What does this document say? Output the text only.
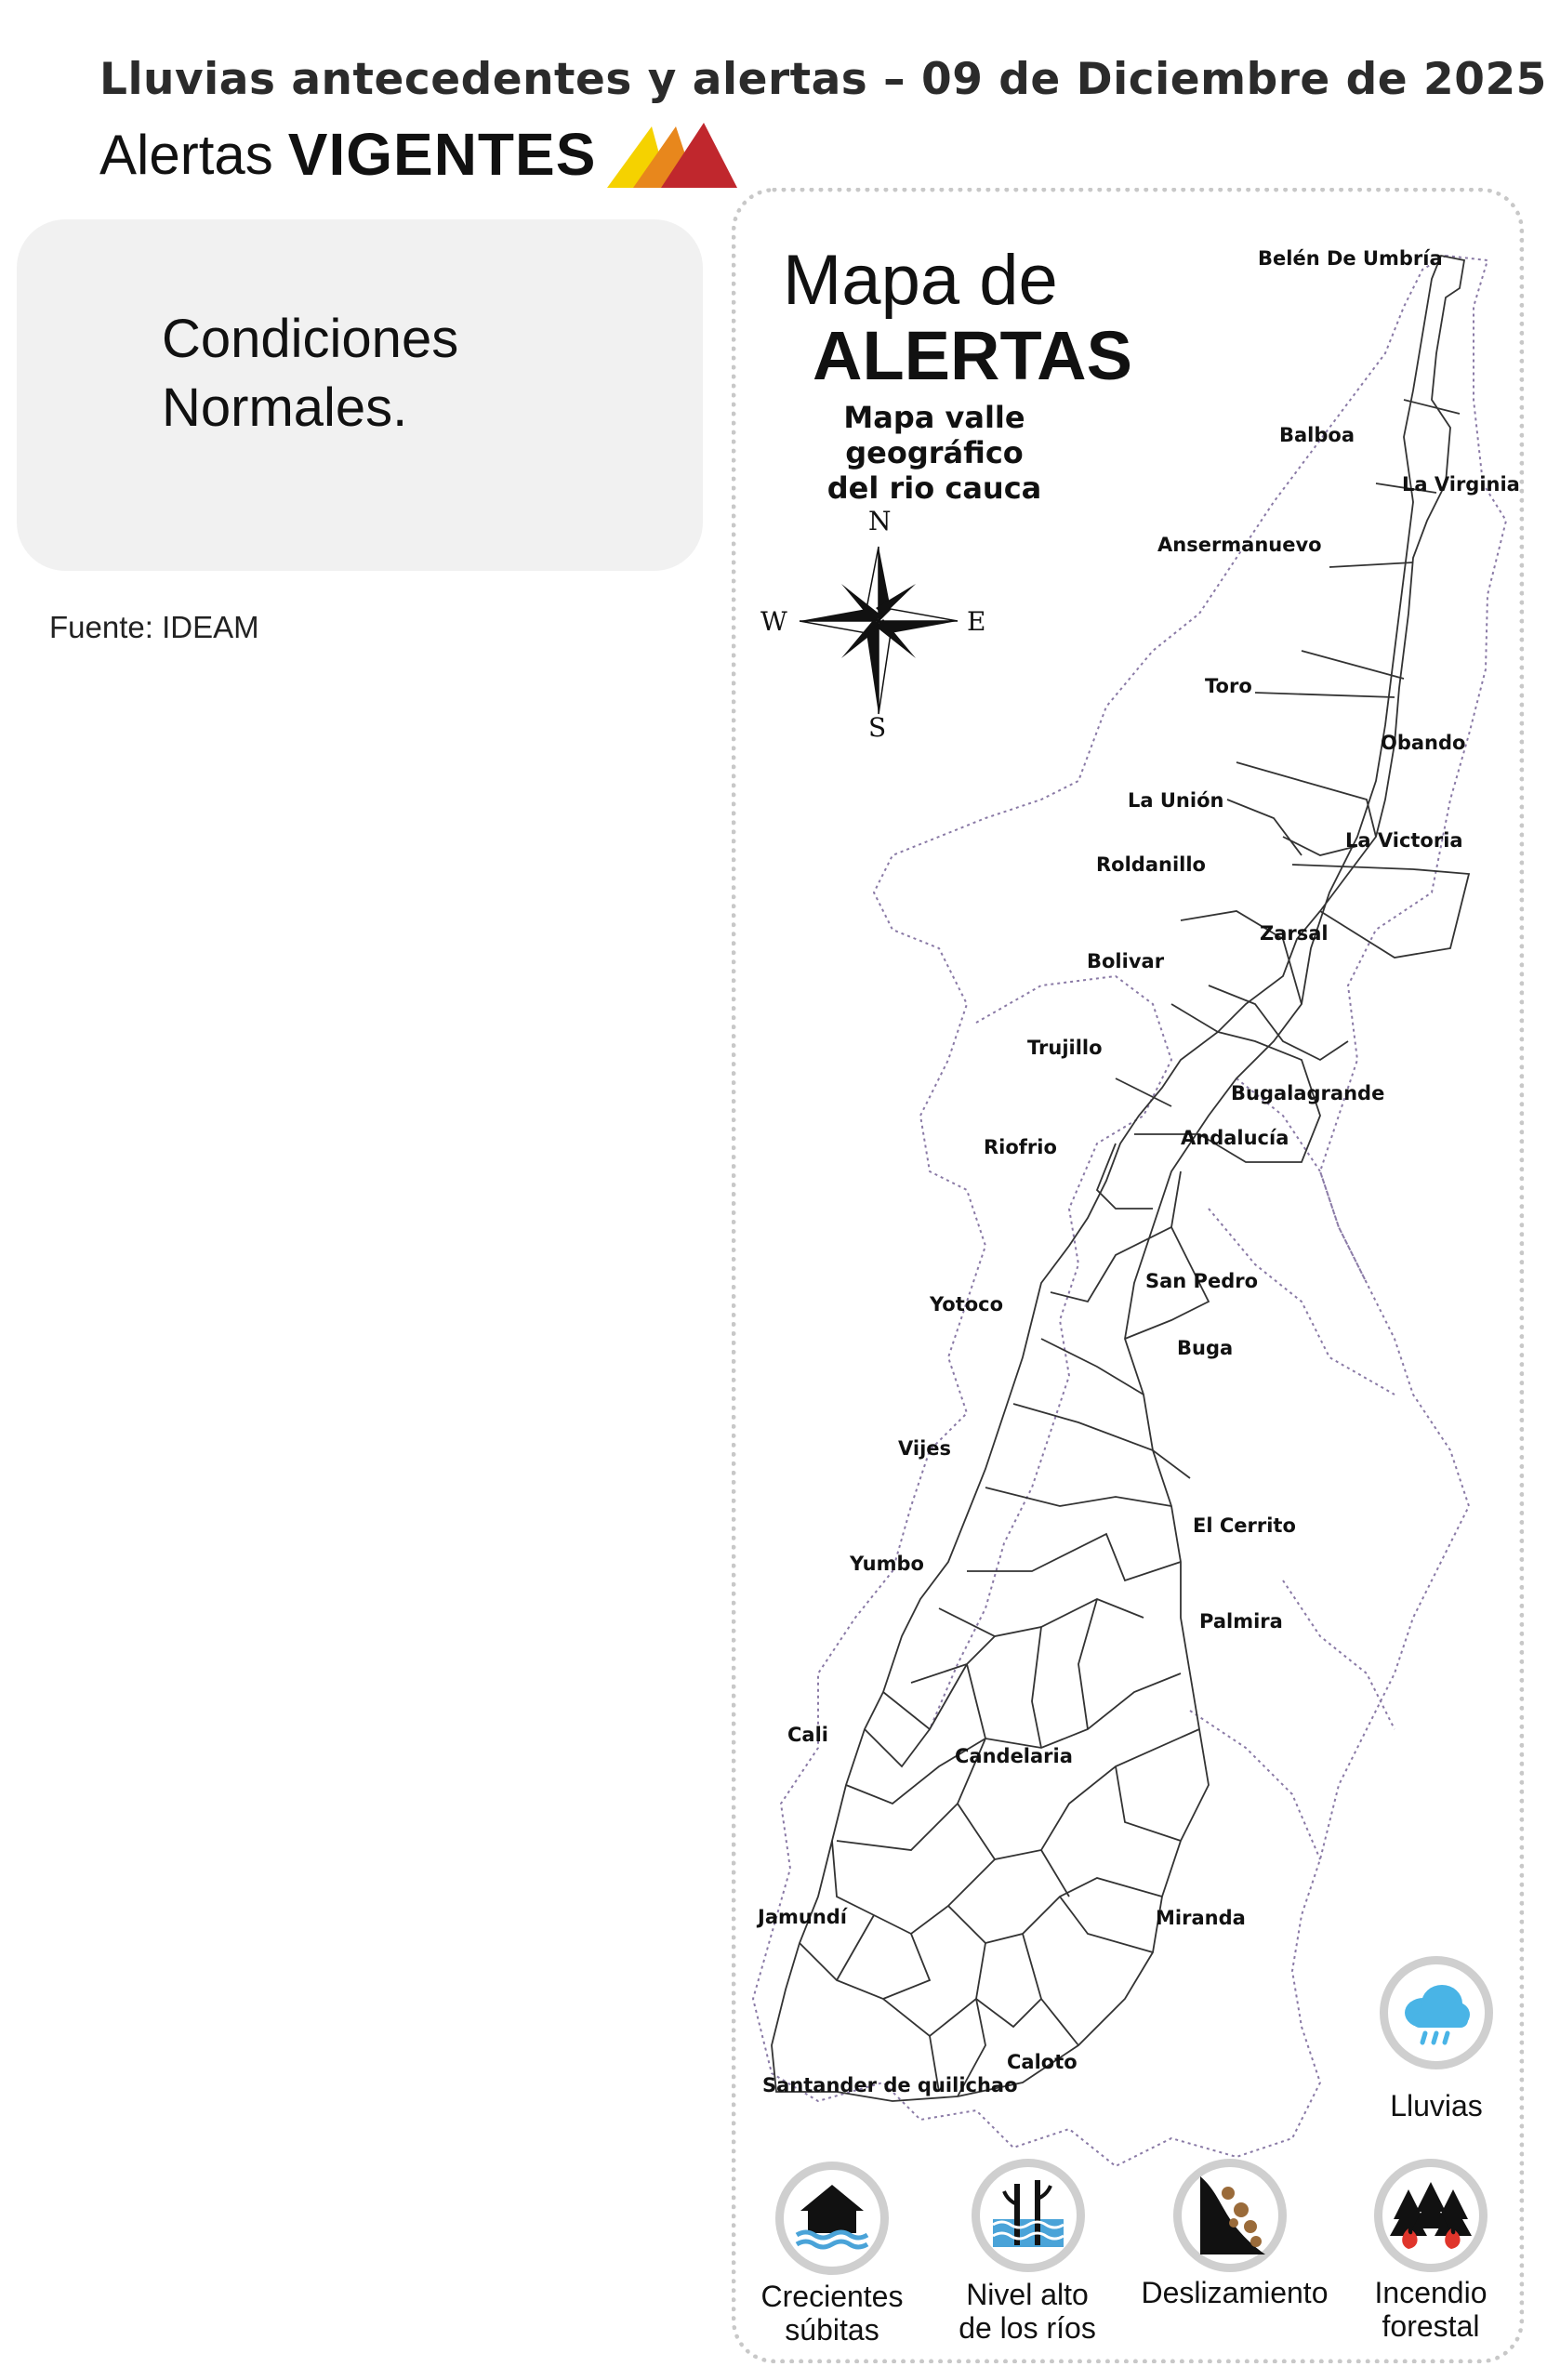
Lluvias antecedentes y alertas – 09 de Diciembre de 2025
Alertas VIGENTES
Condiciones
Normales.
Fuente: IDEAM
Mapa de
ALERTAS
Mapa valle geográfico
del rio cauca
N
S
E
W
Belén De Umbría
Balboa
La Virginia
Ansermanuevo
Toro
Obando
La Unión
La Victoria
Roldanillo
Zarsal
Bolivar
Trujillo
Bugalagrande
Andalucía
Riofrio
San Pedro
Yotoco
Buga
Vijes
El Cerrito
Yumbo
Palmira
Cali
Candelaria
Jamundí	Miranda
Caloto
Santander de quilichao
Lluvias
Crecientes
súbitas
Nivel alto
de los ríos
Deslizamiento	Incendio
forestal
